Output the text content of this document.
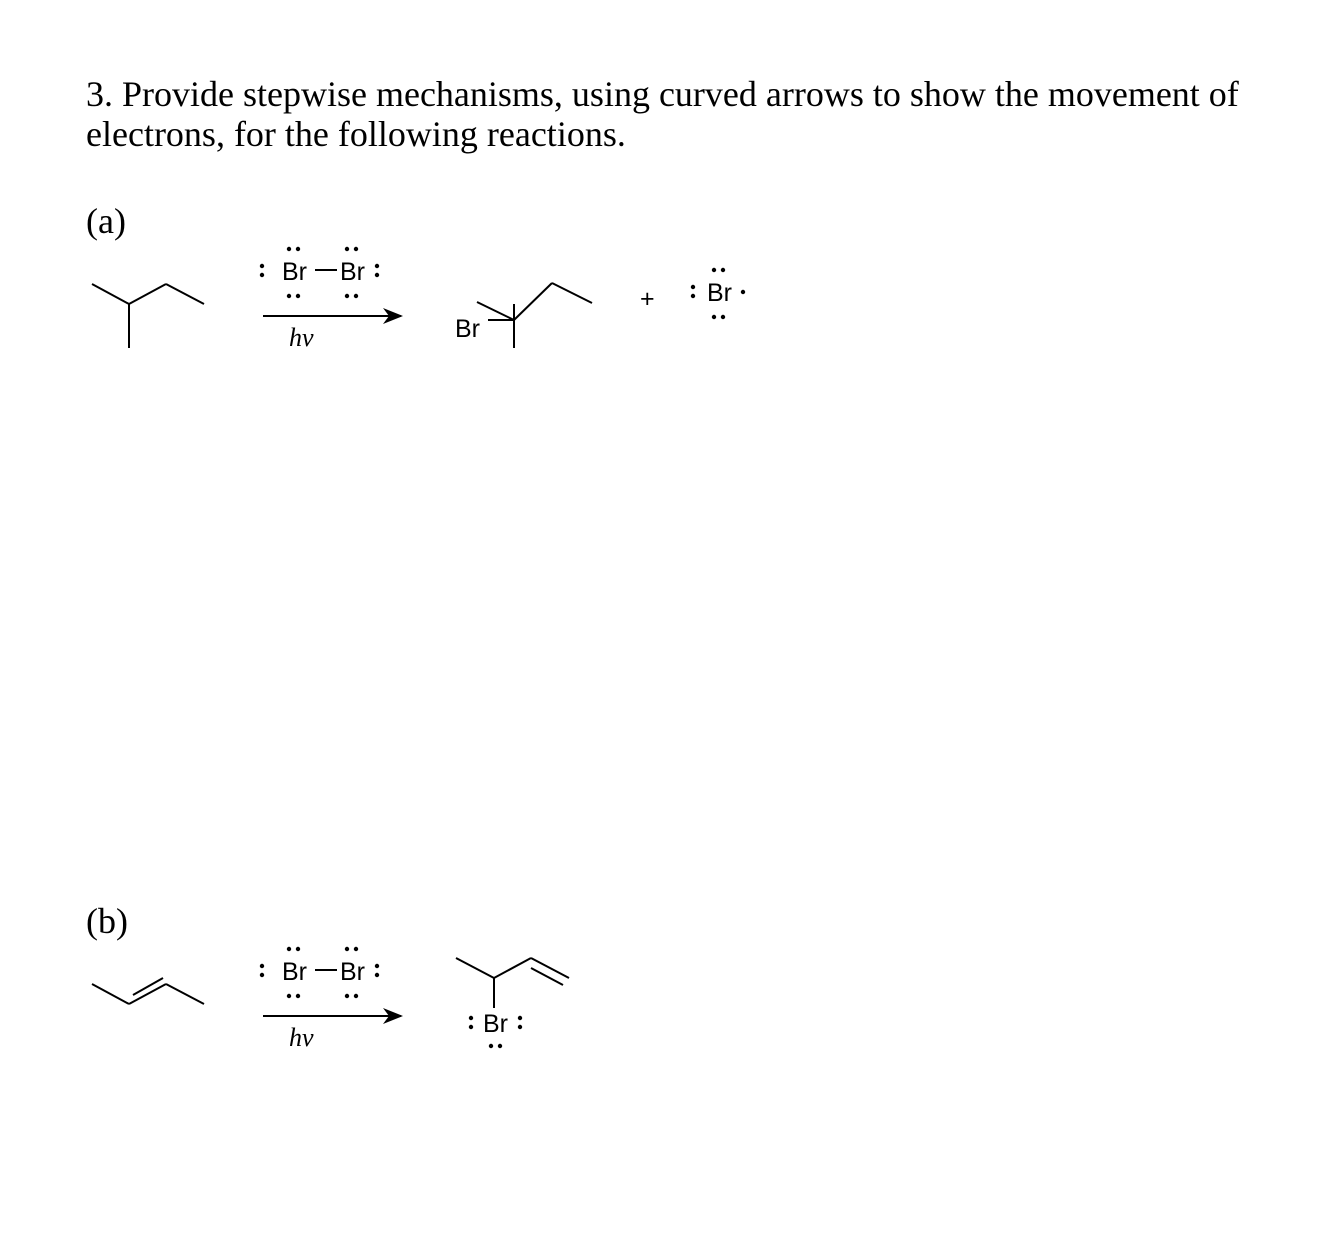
3. Provide stepwise mechanisms, using curved arrows to show the movement of electrons, for the following reactions.

(a)
(b)
Br Br
hν	Br
+ Br
Br Br
hν	Br
